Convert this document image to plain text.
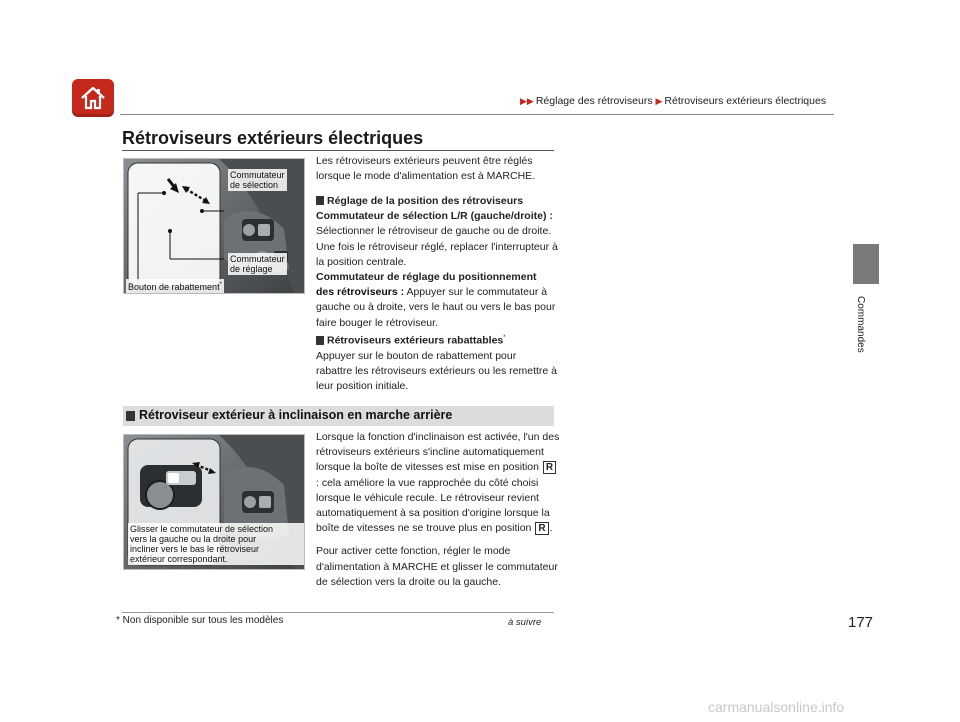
▶▶ Réglage des rétroviseurs ▶ Rétroviseurs extérieurs électriques
Commandes
Rétroviseurs extérieurs électriques
Commutateur
de sélection
Commutateur
de réglage
Bouton de rabattement*
Les rétroviseurs extérieurs peuvent être réglés
lorsque le mode d'alimentation est à MARCHE.
Réglage de la position des rétroviseurs
Commutateur de sélection L/R (gauche/droite) :
Sélectionner le rétroviseur de gauche ou de droite.
Une fois le rétroviseur réglé, replacer l'interrupteur à
la position centrale.
Commutateur de réglage du positionnement
des rétroviseurs : Appuyer sur le commutateur à
gauche ou à droite, vers le haut ou vers le bas pour
faire bouger le rétroviseur.
Rétroviseurs extérieurs rabattables*
Appuyer sur le bouton de rabattement pour
rabattre les rétroviseurs extérieurs ou les remettre à
leur position initiale.
Rétroviseur extérieur à inclinaison en marche arrière
Glisser le commutateur de sélection
vers la gauche ou la droite pour
incliner vers le bas le rétroviseur
extérieur correspondant.
Lorsque la fonction d'inclinaison est activée, l'un des
rétroviseurs extérieurs s'incline automatiquement
lorsque la boîte de vitesses est mise en position R
: cela améliore la vue rapprochée du côté choisi
lorsque le véhicule recule. Le rétroviseur revient
automatiquement à sa position d'origine lorsque la
boîte de vitesses ne se trouve plus en position R .
Pour activer cette fonction, régler le mode
d'alimentation à MARCHE et glisser le commutateur
de sélection vers la droite ou la gauche.
* Non disponible sur tous les modèles	à suivre	177
carmanualsonline.info
